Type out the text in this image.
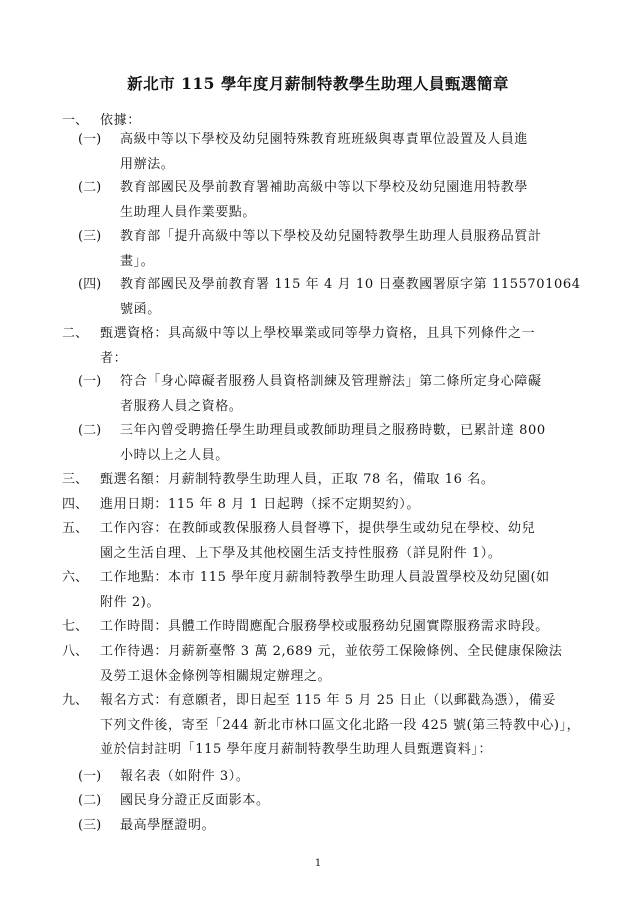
新北市 115 學年度月薪制特教學生助理人員甄選簡章
一、 依據：
(一) 高級中等以下學校及幼兒園特殊教育班班級與專責單位設置及人員進
用辦法。
(二) 教育部國民及學前教育署補助高級中等以下學校及幼兒園進用特教學
生助理人員作業要點。
(三) 教育部「提升高級中等以下學校及幼兒園特教學生助理人員服務品質計
畫」。
(四) 教育部國民及學前教育署 115 年 4 月 10 日臺教國署原字第 1155701064
號函。
二、 甄選資格：具高級中等以上學校畢業或同等學力資格，且具下列條件之一
者：
(一) 符合「身心障礙者服務人員資格訓練及管理辦法」第二條所定身心障礙
者服務人員之資格。
(二) 三年內曾受聘擔任學生助理員或教師助理員之服務時數，已累計達 800
小時以上之人員。
三、 甄選名額：月薪制特教學生助理人員，正取 78 名，備取 16 名。
四、 進用日期：115 年 8 月 1 日起聘（採不定期契約）。
五、 工作內容：在教師或教保服務人員督導下，提供學生或幼兒在學校、幼兒
園之生活自理、上下學及其他校園生活支持性服務（詳見附件 1）。
六、 工作地點：本市 115 學年度月薪制特教學生助理人員設置學校及幼兒園(如
附件 2)。
七、 工作時間：具體工作時間應配合服務學校或服務幼兒園實際服務需求時段。
八、 工作待遇：月薪新臺幣 3 萬 2,689 元，並依勞工保險條例、全民健康保險法
及勞工退休金條例等相關規定辦理之。
九、 報名方式：有意願者，即日起至 115 年 5 月 25 日止（以郵戳為憑），備妥
下列文件後，寄至「244 新北市林口區文化北路一段 425 號(第三特教中心)」，
並於信封註明「115 學年度月薪制特教學生助理人員甄選資料」：
(一) 報名表（如附件 3）。
(二) 國民身分證正反面影本。
(三) 最高學歷證明。
1
